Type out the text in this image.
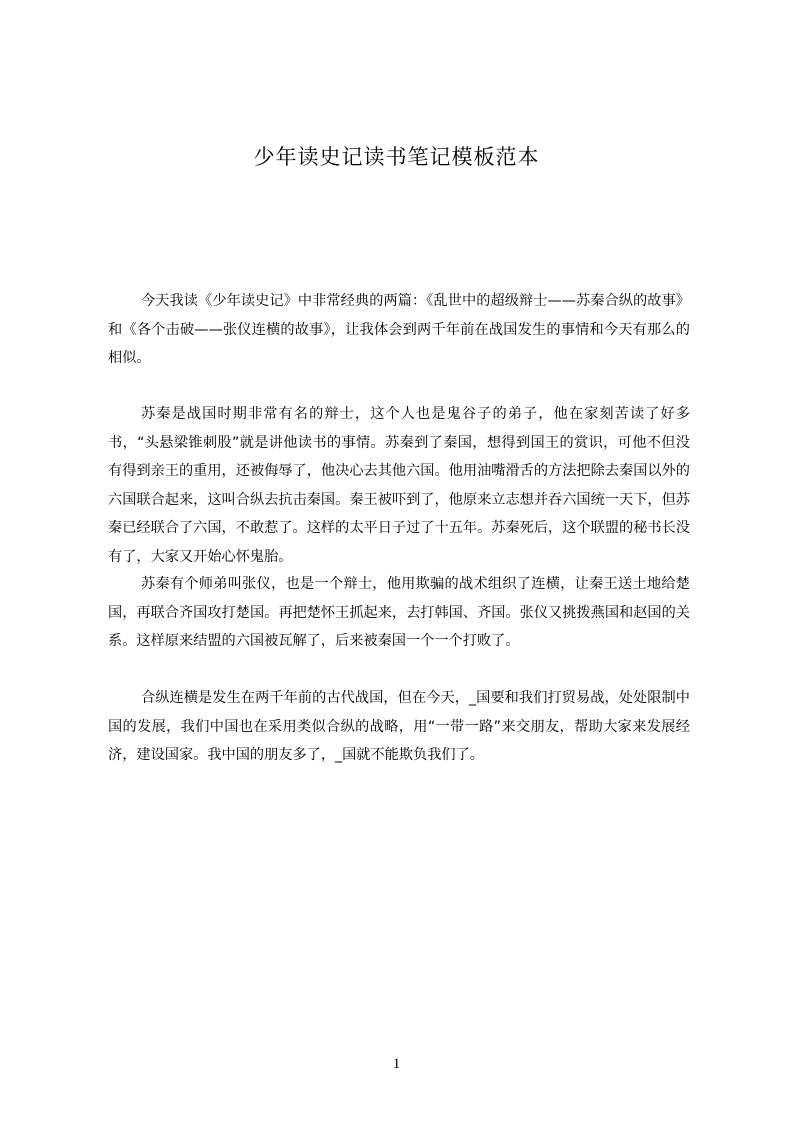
少年读史记读书笔记模板范本

今天我读《少年读史记》中非常经典的两篇：《乱世中的超级辩士——苏秦合纵的故事》和《各个击破——张仪连横的故事》，让我体会到两千年前在战国发生的事情和今天有那么的相似。

苏秦是战国时期非常有名的辩士，这个人也是鬼谷子的弟子，他在家刻苦读了好多书，“头悬梁锥刺股”就是讲他读书的事情。苏秦到了秦国，想得到国王的赏识，可他不但没有得到亲王的重用，还被侮辱了，他决心去其他六国。他用油嘴滑舌的方法把除去秦国以外的六国联合起来，这叫合纵去抗击秦国。秦王被吓到了，他原来立志想并吞六国统一天下，但苏秦已经联合了六国，不敢惹了。这样的太平日子过了十五年。苏秦死后，这个联盟的秘书长没有了，大家又开始心怀鬼胎。

苏秦有个师弟叫张仪，也是一个辩士，他用欺骗的战术组织了连横，让秦王送土地给楚国，再联合齐国攻打楚国。再把楚怀王抓起来，去打韩国、齐国。张仪又挑拨燕国和赵国的关系。这样原来结盟的六国被瓦解了，后来被秦国一个一个打败了。

合纵连横是发生在两千年前的古代战国，但在今天，_国要和我们打贸易战，处处限制中国的发展，我们中国也在采用类似合纵的战略，用“一带一路”来交朋友，帮助大家来发展经济，建设国家。我中国的朋友多了，_国就不能欺负我们了。

1
